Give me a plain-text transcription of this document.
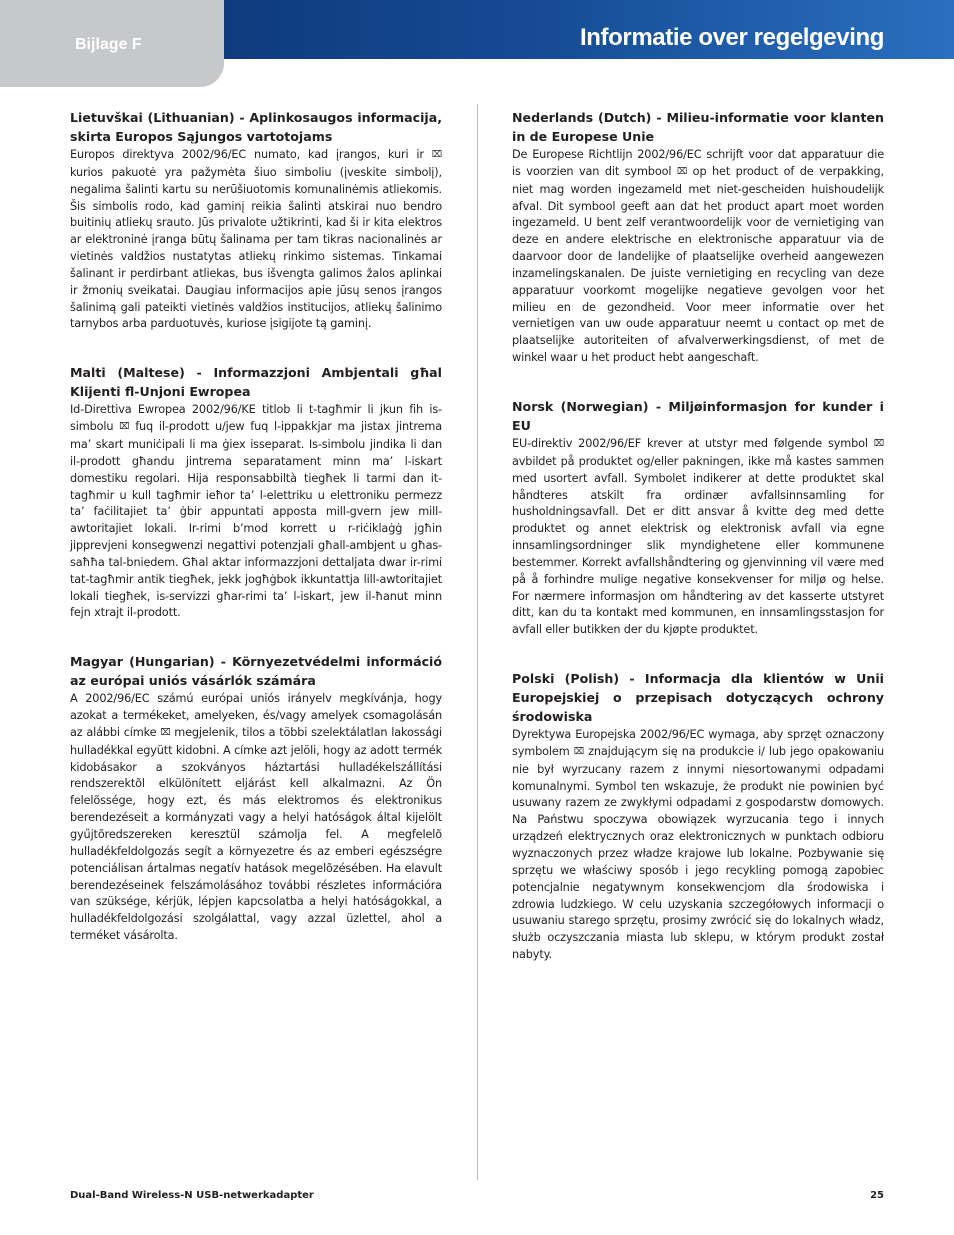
Bijlage F	Informatie over regelgeving
Lietuvškai (Lithuanian) - Aplinkosaugos informacija, skirta Europos Sąjungos vartotojams

Europos direktyva 2002/96/EC numato, kad įrangos, kuri ir ⌧ kurios pakuotė yra pažymėta šiuo simboliu (įveskite simbolį), negalima šalinti kartu su nerūšiuotomis komunalinėmis atliekomis. Šis simbolis rodo, kad gaminį reikia šalinti atskirai nuo bendro buitinių atliekų srauto. Jūs privalote užtikrinti, kad ši ir kita elektros ar elektroninė įranga būtų šalinama per tam tikras nacionalinės ar vietinės valdžios nustatytas atliekų rinkimo sistemas. Tinkamai šalinant ir perdirbant atliekas, bus išvengta galimos žalos aplinkai ir žmonių sveikatai. Daugiau informacijos apie jūsų senos įrangos šalinimą gali pateikti vietinės valdžios institucijos, atliekų šalinimo tarnybos arba parduotuvės, kuriose įsigijote tą gaminį.

Malti (Maltese) - Informazzjoni Ambjentali għal Klijenti fl-Unjoni Ewropea

Id-Direttiva Ewropea 2002/96/KE titlob li t-tagħmir li jkun fih is-simbolu ⌧ fuq il-prodott u/jew fuq l-ippakkjar ma jistax jintrema ma’ skart muniċipali li ma ġiex isseparat. Is-simbolu jindika li dan il-prodott għandu jintrema separatament minn ma’ l-iskart domestiku regolari. Hija responsabbiltà tiegħek li tarmi dan it-tagħmir u kull tagħmir ieħor ta’ l-elettriku u elettroniku permezz ta’ faċilitajiet ta’ ġbir appuntati apposta mill-gvern jew mill-awtoritajiet lokali. Ir-rimi b’mod korrett u r-riċiklaġġ jgħin jipprevjeni konsegwenzi negattivi potenzjali għall-ambjent u għas-saħħa tal-bniedem. Għal aktar informazzjoni dettaljata dwar ir-rimi tat-tagħmir antik tiegħek, jekk jogħġbok ikkuntattja lill-awtoritajiet lokali tiegħek, is-servizzi għar-rimi ta’ l-iskart, jew il-ħanut minn fejn xtrajt il-prodott.

Magyar (Hungarian) - Környezetvédelmi információ az európai uniós vásárlók számára

A 2002/96/EC számú európai uniós irányelv megkívánja, hogy azokat a termékeket, amelyeken, és/vagy amelyek csomagolásán az alábbi címke ⌧ megjelenik, tilos a többi szelektálatlan lakossági hulladékkal együtt kidobni. A címke azt jelöli, hogy az adott termék kidobásakor a szokványos háztartási hulladékelszállítási rendszerektõl elkülönített eljárást kell alkalmazni. Az Ön felelõssége, hogy ezt, és más elektromos és elektronikus berendezéseit a kormányzati vagy a helyi hatóságok által kijelölt gyűjtõredszereken keresztül számolja fel. A megfelelõ hulladékfeldolgozás segít a környezetre és az emberi egészségre potenciálisan ártalmas negatív hatások megelõzésében. Ha elavult berendezéseinek felszámolásához további részletes információra van szüksége, kérjük, lépjen kapcsolatba a helyi hatóságokkal, a hulladékfeldolgozási szolgálattal, vagy azzal üzlettel, ahol a terméket vásárolta.

Nederlands (Dutch) - Milieu-informatie voor klanten in de Europese Unie

De Europese Richtlijn 2002/96/EC schrijft voor dat apparatuur die is voorzien van dit symbool ⌧ op het product of de verpakking, niet mag worden ingezameld met niet-gescheiden huishoudelijk afval. Dit symbool geeft aan dat het product apart moet worden ingezameld. U bent zelf verantwoordelijk voor de vernietiging van deze en andere elektrische en elektronische apparatuur via de daarvoor door de landelijke of plaatselijke overheid aangewezen inzamelingskanalen. De juiste vernietiging en recycling van deze apparatuur voorkomt mogelijke negatieve gevolgen voor het milieu en de gezondheid. Voor meer informatie over het vernietigen van uw oude apparatuur neemt u contact op met de plaatselijke autoriteiten of afvalverwerkingsdienst, of met de winkel waar u het product hebt aangeschaft.

Norsk (Norwegian) - Miljøinformasjon for kunder i EU

EU-direktiv 2002/96/EF krever at utstyr med følgende symbol ⌧ avbildet på produktet og/eller pakningen, ikke må kastes sammen med usortert avfall. Symbolet indikerer at dette produktet skal håndteres atskilt fra ordinær avfallsinnsamling for husholdningsavfall. Det er ditt ansvar å kvitte deg med dette produktet og annet elektrisk og elektronisk avfall via egne innsamlingsordninger slik myndighetene eller kommunene bestemmer. Korrekt avfallshåndtering og gjenvinning vil være med på å forhindre mulige negative konsekvenser for miljø og helse. For nærmere informasjon om håndtering av det kasserte utstyret ditt, kan du ta kontakt med kommunen, en innsamlingsstasjon for avfall eller butikken der du kjøpte produktet.

Polski (Polish) - Informacja dla klientów w Unii Europejskiej o przepisach dotyczących ochrony środowiska

Dyrektywa Europejska 2002/96/EC wymaga, aby sprzęt oznaczony symbolem ⌧ znajdującym się na produkcie i/ lub jego opakowaniu nie był wyrzucany razem z innymi niesortowanymi odpadami komunalnymi. Symbol ten wskazuje, że produkt nie powinien być usuwany razem ze zwykłymi odpadami z gospodarstw domowych. Na Państwu spoczywa obowiązek wyrzucania tego i innych urządzeń elektrycznych oraz elektronicznych w punktach odbioru wyznaczonych przez władze krajowe lub lokalne. Pozbywanie się sprzętu we właściwy sposób i jego recykling pomogą zapobiec potencjalnie negatywnym konsekwencjom dla środowiska i zdrowia ludzkiego. W celu uzyskania szczegółowych informacji o usuwaniu starego sprzętu, prosimy zwrócić się do lokalnych władz, służb oczyszczania miasta lub sklepu, w którym produkt został nabyty.

Dual-Band Wireless-N USB-netwerkadapter	25
